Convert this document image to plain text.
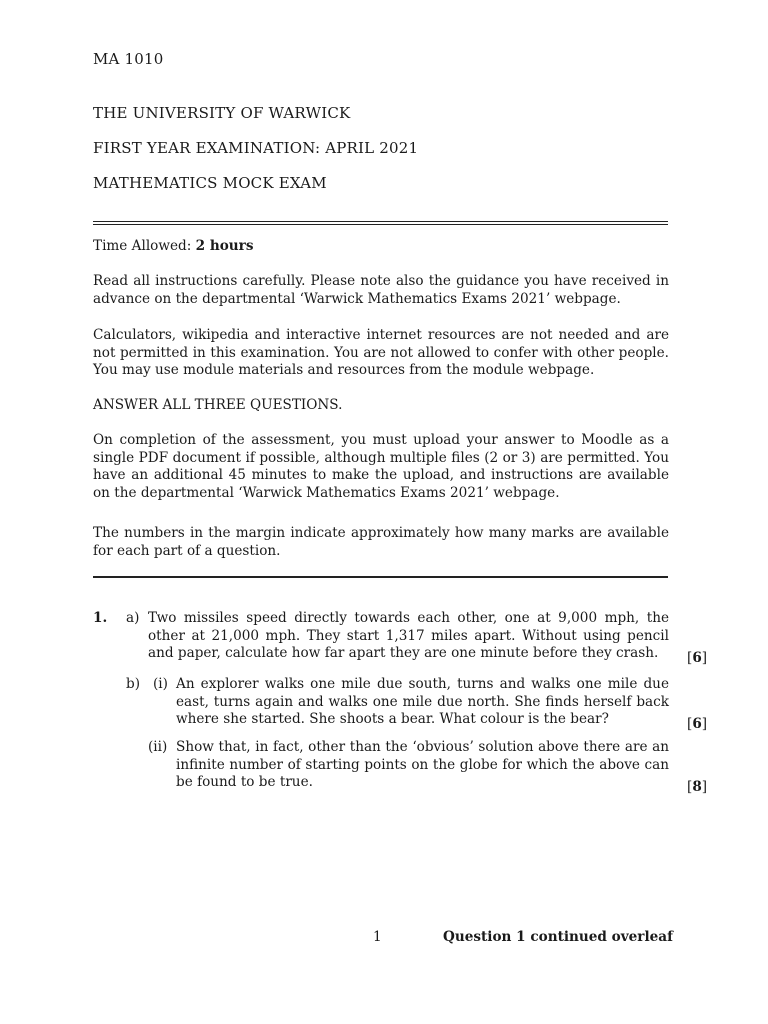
MA 1010
THE UNIVERSITY OF WARWICK
FIRST YEAR EXAMINATION: APRIL 2021
MATHEMATICS MOCK EXAM
Time Allowed: 2 hours
Read all instructions carefully. Please note also the guidance you have received in advance on the departmental ‘Warwick Mathematics Exams 2021’ webpage.
Calculators, wikipedia and interactive internet resources are not needed and are not permitted in this examination. You are not allowed to confer with other people. You may use module materials and resources from the module webpage.
ANSWER ALL THREE QUESTIONS.
On completion of the assessment, you must upload your answer to Moodle as a single PDF document if possible, although multiple files (2 or 3) are permitted. You have an additional 45 minutes to make the upload, and instructions are available on the departmental ‘Warwick Mathematics Exams 2021’ webpage.
The numbers in the margin indicate approximately how many marks are available for each part of a question.
1. a) Two missiles speed directly towards each other, one at 9,000 mph, the other at 21,000 mph. They start 1,317 miles apart. Without using pencil and paper, calculate how far apart they are one minute before they crash.	[6]
b) (i) An explorer walks one mile due south, turns and walks one mile due east, turns again and walks one mile due north. She finds herself back where she started. She shoots a bear. What colour is the bear?	[6]
(ii) Show that, in fact, other than the ‘obvious’ solution above there are an infinite number of starting points on the globe for which the above can be found to be true.	[8]
1	Question 1 continued overleaf
